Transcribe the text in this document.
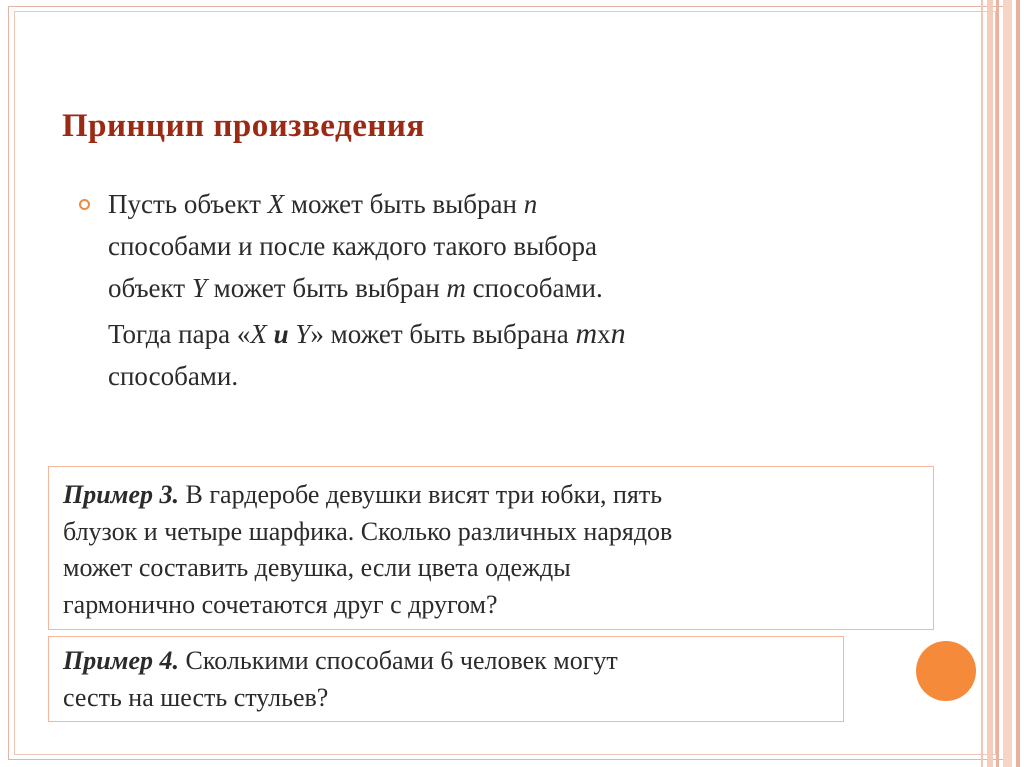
Принцип произведения
Пусть объект X может быть выбран n
способами и после каждого такого выбора
объект Y может быть выбран m способами.
Тогда пара «X и Y» может быть выбрана mxn
способами.
Пример 3. В гардеробе девушки висят три юбки, пять
блузок и четыре шарфика. Сколько различных нарядов
может составить девушка, если цвета одежды
гармонично сочетаются друг с другом?
Пример 4. Сколькими способами 6 человек могут
сесть на шесть стульев?
